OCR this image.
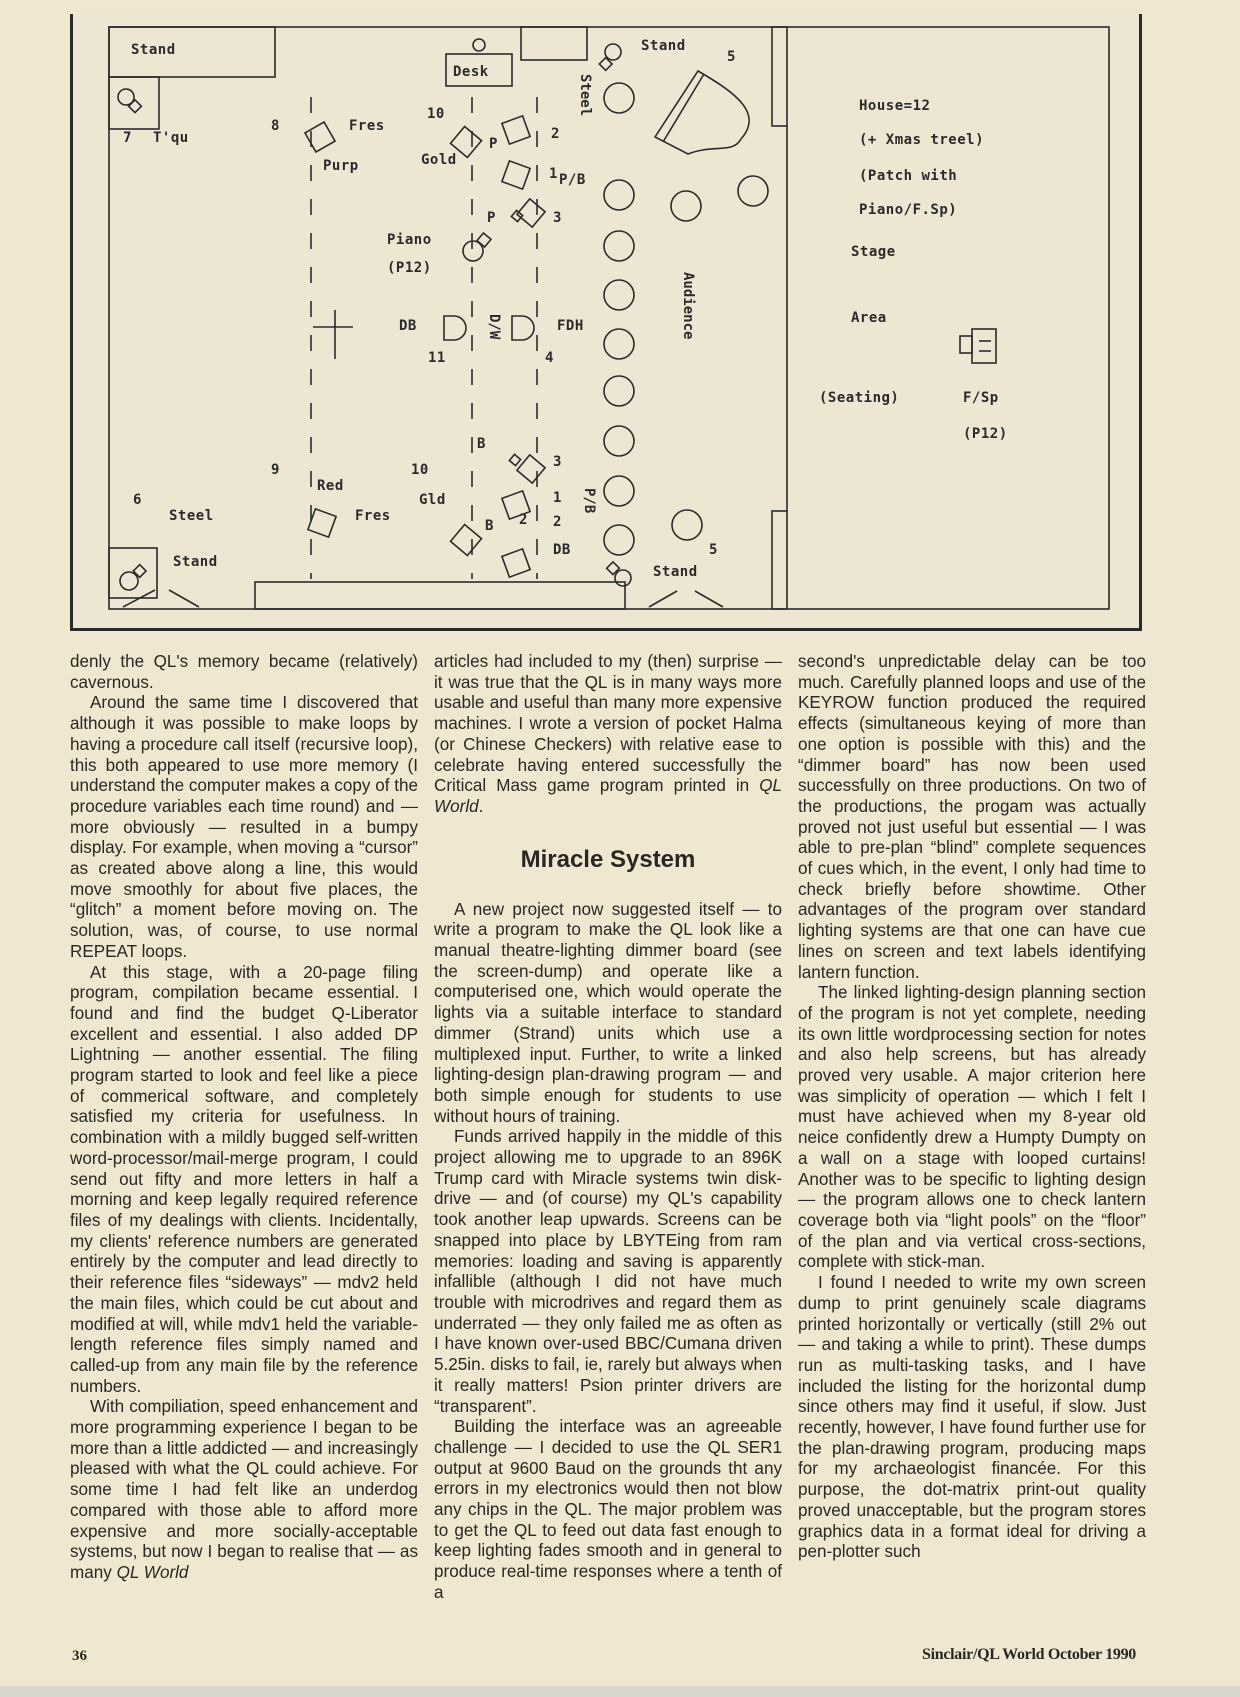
Stand
7 T'qu
8	Fres
Purp
10
Gold
Desk
P
2
1 P/B
P	3
Steel
Stand
5
Piano
(P12)
DB	D/W	FDH
11	4
Audience
B
3
9
Red
10
Gld	1 P/B
6
Steel	Fres
B 2 2
DB
Stand
Stand
5
House=12
(+ Xmas treel)
(Patch with
Piano/F.Sp)
Stage
Area
(Seating)	F/Sp
(P12)

denly the QL's memory became (relatively) cavernous.

Around the same time I discovered that although it was possible to make loops by having a procedure call itself (recursive loop), this both appeared to use more memory (I understand the computer makes a copy of the procedure variables each time round) and — more obviously — resulted in a bumpy display. For example, when moving a “cursor” as created above along a line, this would move smoothly for about five places, the “glitch” a moment before moving on. The solution, was, of course, to use normal REPEAT loops.

At this stage, with a 20-page filing program, compilation became essential. I found and find the budget Q-Liberator excellent and essential. I also added DP Lightning — another essential. The filing program started to look and feel like a piece of commerical software, and completely satisfied my criteria for usefulness. In combination with a mildly bugged self-written word-processor/mail-merge program, I could send out fifty and more letters in half a morning and keep legally required reference files of my dealings with clients. Incidentally, my clients' reference numbers are generated entirely by the computer and lead directly to their reference files “sideways” — mdv2 held the main files, which could be cut about and modified at will, while mdv1 held the variable-length reference files simply named and called-up from any main file by the reference numbers.

With compiliation, speed enhancement and more programming experience I began to be more than a little addicted — and increasingly pleased with what the QL could achieve. For some time I had felt like an underdog compared with those able to afford more expensive and more socially-acceptable systems, but now I began to realise that — as many QL World

articles had included to my (then) surprise — it was true that the QL is in many ways more usable and useful than many more expensive machines. I wrote a version of pocket Halma (or Chinese Checkers) with relative ease to celebrate having entered successfully the Critical Mass game program printed in QL World.

Miracle System

A new project now suggested itself — to write a program to make the QL look like a manual theatre-lighting dimmer board (see the screen-dump) and operate like a computerised one, which would operate the lights via a suitable interface to standard dimmer (Strand) units which use a multiplexed input. Further, to write a linked lighting-design plan-drawing program — and both simple enough for students to use without hours of training.

Funds arrived happily in the middle of this project allowing me to upgrade to an 896K Trump card with Miracle systems twin disk-drive — and (of course) my QL's capability took another leap upwards. Screens can be snapped into place by LBYTEing from ram memories: loading and saving is apparently infallible (although I did not have much trouble with microdrives and regard them as underrated — they only failed me as often as I have known over-used BBC/Cumana driven 5.25in. disks to fail, ie, rarely but always when it really matters! Psion printer drivers are “transparent”.

Building the interface was an agreeable challenge — I decided to use the QL SER1 output at 9600 Baud on the grounds tht any errors in my electronics would then not blow any chips in the QL. The major problem was to get the QL to feed out data fast enough to keep lighting fades smooth and in general to produce real-time responses where a tenth of a

second's unpredictable delay can be too much. Carefully planned loops and use of the KEYROW function produced the required effects (simultaneous keying of more than one option is possible with this) and the “dimmer board” has now been used successfully on three productions. On two of the productions, the progam was actually proved not just useful but essential — I was able to pre-plan “blind” complete sequences of cues which, in the event, I only had time to check briefly before showtime. Other advantages of the program over standard lighting systems are that one can have cue lines on screen and text labels identifying lantern function.

The linked lighting-design planning section of the program is not yet complete, needing its own little wordprocessing section for notes and also help screens, but has already proved very usable. A major criterion here was simplicity of operation — which I felt I must have achieved when my 8-year old neice confidently drew a Humpty Dumpty on a wall on a stage with looped curtains! Another was to be specific to lighting design — the program allows one to check lantern coverage both via “light pools” on the “floor” of the plan and via vertical cross-sections, complete with stick-man.

I found I needed to write my own screen dump to print genuinely scale diagrams printed horizontally or vertically (still 2% out — and taking a while to print). These dumps run as multi-tasking tasks, and I have included the listing for the horizontal dump since others may find it useful, if slow. Just recently, however, I have found further use for the plan-drawing program, producing maps for my archaeologist financée. For this purpose, the dot-matrix print-out quality proved unacceptable, but the program stores graphics data in a format ideal for driving a pen-plotter such

36	Sinclair/QL World October 1990
